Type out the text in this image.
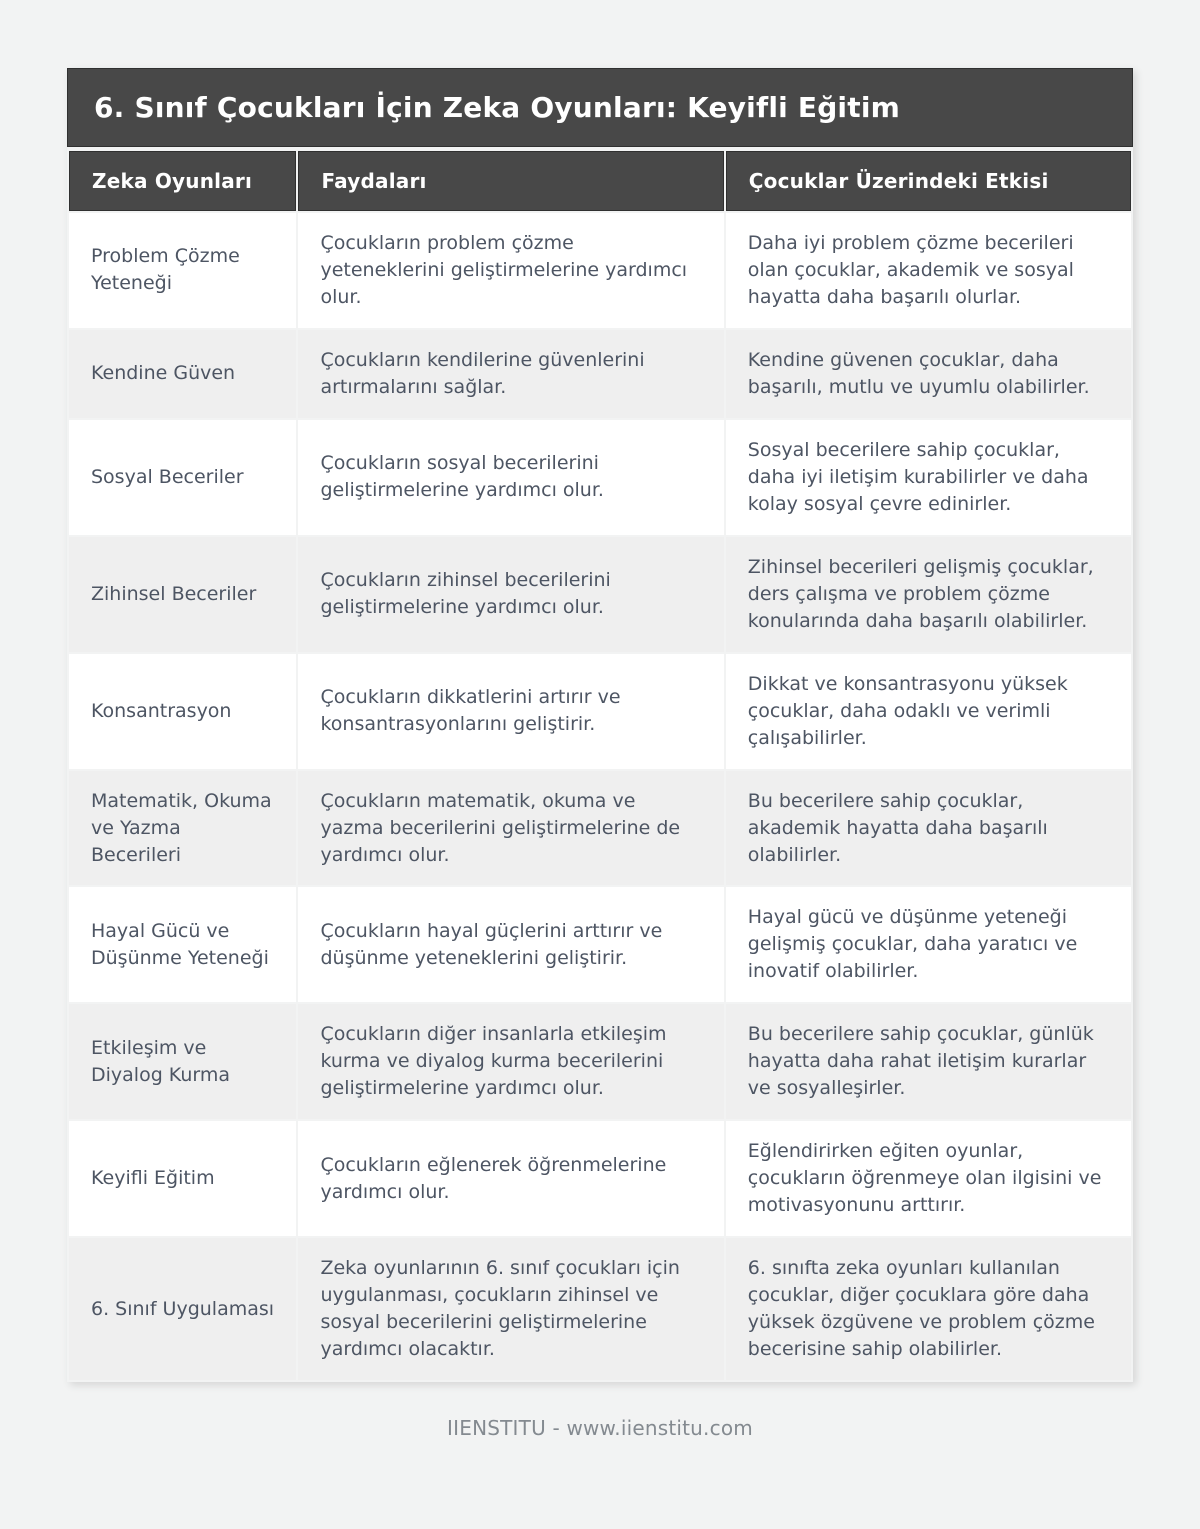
6. Sınıf Çocukları İçin Zeka Oyunları: Keyifli Eğitim
Zeka Oyunları	Faydaları	Çocuklar Üzerindeki Etkisi
Problem Çözme Yeteneği	Çocukların problem çözme yeteneklerini geliştirmelerine yardımcı olur.	Daha iyi problem çözme becerileri olan çocuklar, akademik ve sosyal hayatta daha başarılı olurlar.
Kendine Güven	Çocukların kendilerine güvenlerini artırmalarını sağlar.	Kendine güvenen çocuklar, daha başarılı, mutlu ve uyumlu olabilirler.
Sosyal Beceriler	Çocukların sosyal becerilerini geliştirmelerine yardımcı olur.	Sosyal becerilere sahip çocuklar, daha iyi iletişim kurabilirler ve daha kolay sosyal çevre edinirler.
Zihinsel Beceriler	Çocukların zihinsel becerilerini geliştirmelerine yardımcı olur.	Zihinsel becerileri gelişmiş çocuklar, ders çalışma ve problem çözme konularında daha başarılı olabilirler.
Konsantrasyon	Çocukların dikkatlerini artırır ve konsantrasyonlarını geliştirir.	Dikkat ve konsantrasyonu yüksek çocuklar, daha odaklı ve verimli çalışabilirler.
Matematik, Okuma ve Yazma Becerileri	Çocukların matematik, okuma ve yazma becerilerini geliştirmelerine de yardımcı olur.	Bu becerilere sahip çocuklar, akademik hayatta daha başarılı olabilirler.
Hayal Gücü ve Düşünme Yeteneği	Çocukların hayal güçlerini arttırır ve düşünme yeteneklerini geliştirir.	Hayal gücü ve düşünme yeteneği gelişmiş çocuklar, daha yaratıcı ve inovatif olabilirler.
Etkileşim ve Diyalog Kurma	Çocukların diğer insanlarla etkileşim kurma ve diyalog kurma becerilerini geliştirmelerine yardımcı olur.	Bu becerilere sahip çocuklar, günlük hayatta daha rahat iletişim kurarlar ve sosyalleşirler.
Keyifli Eğitim	Çocukların eğlenerek öğrenmelerine yardımcı olur.	Eğlendirirken eğiten oyunlar, çocukların öğrenmeye olan ilgisini ve motivasyonunu arttırır.
6. Sınıf Uygulaması	Zeka oyunlarının 6. sınıf çocukları için uygulanması, çocukların zihinsel ve sosyal becerilerini geliştirmelerine yardımcı olacaktır.	6. sınıfta zeka oyunları kullanılan çocuklar, diğer çocuklara göre daha yüksek özgüvene ve problem çözme becerisine sahip olabilirler.
IIENSTITU - www.iienstitu.com
